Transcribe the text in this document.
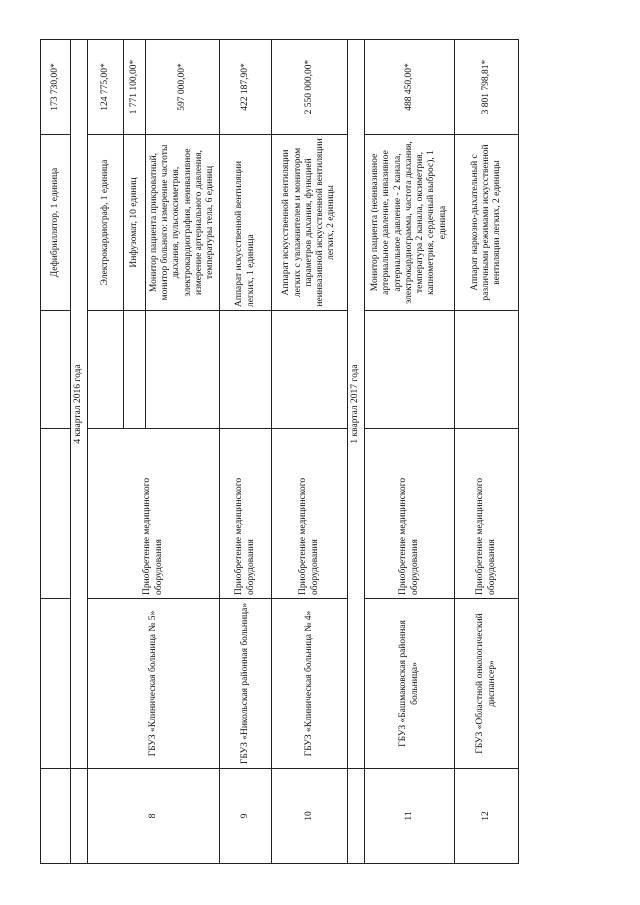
				Дефибриллятор, 1 единица	173 730,00*
	4 квартал 2016 года				
8	ГБУЗ «Клиническая больница № 5»	Приобретение медицинского оборудования		Электрокардиограф, 1 единица	124 775,00*
				Инфузомат, 10 единиц	1 771 100,00*
				Монитор пациента прикроватный, монитор больного: измерение частоты дыхания, пульсоксиметрия, электрокардиография, неинвазивное измерение артериального давления, температуры тела, 6 единиц	597 000,00*
9	ГБУЗ «Никольская районная больница»	Приобретение медицинского оборудования		Аппарат искусственной вентиляции легких, 1 единица	422 187,90*
10	ГБУЗ «Клиническая больница № 4»	Приобретение медицинского оборудования		Аппарат искусственной вентиляции легких с увлажнителем и монитором параметров дыхания, функцией неинвазивной искусственной вентиляции легких, 2 единицы	2 550 000,00*
	1 квартал 2017 года				
11	ГБУЗ «Башмаковская районная больница»	Приобретение медицинского оборудования		Монитор пациента (неинвазивное артериальное давление, инвазивное артериальное давление - 2 канала, электрокардиограмма, частота дыхания, температура 2 канала, оксиметрия, капнометрия, сердечный выброс), 1 единица	488 450,00*
12	ГБУЗ «Областной онкологический диспансер»	Приобретение медицинского оборудования		Аппарат наркозно-дыхательный с различными режимами искусственной вентиляции легких, 2 единицы	3 801 798,81*
